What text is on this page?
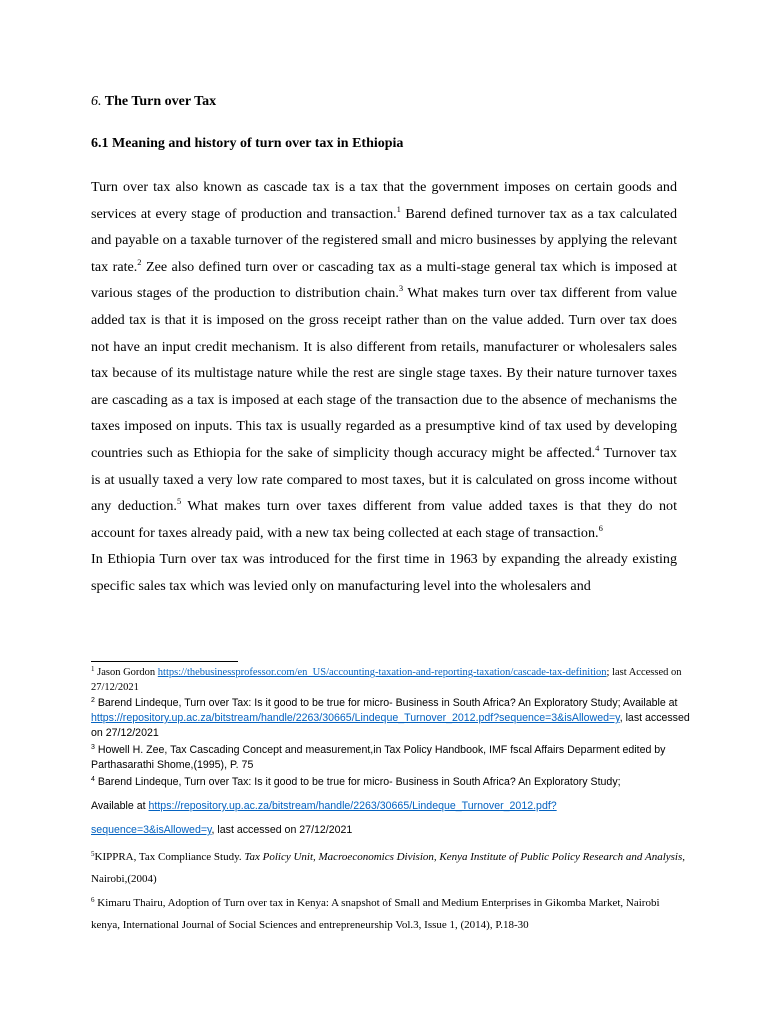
6. The Turn over Tax
6.1 Meaning and history of turn over tax in Ethiopia

Turn over tax also known as cascade tax is a tax that the government imposes on certain goods and services at every stage of production and transaction.$^1$ Barend defined turnover tax as a tax calculated and payable on a taxable turnover of the registered small and micro businesses by applying the relevant tax rate.$^2$ Zee also defined turn over or cascading tax as a multi-stage general tax which is imposed at various stages of the production to distribution chain.$^3$ What makes turn over tax different from value added tax is that it is imposed on the gross receipt rather than on the value added. Turn over tax does not have an input credit mechanism. It is also different from retails, manufacturer or wholesalers sales tax because of its multistage nature while the rest are single stage taxes. By their nature turnover taxes are cascading as a tax is imposed at each stage of the transaction due to the absence of mechanisms the taxes imposed on inputs. This tax is usually regarded as a presumptive kind of tax used by developing countries such as Ethiopia for the sake of simplicity though accuracy might be affected.$^4$ Turnover tax is at usually taxed a very low rate compared to most taxes, but it is calculated on gross income without any deduction.$^5$ What makes turn over taxes different from value added taxes is that they do not account for taxes already paid, with a new tax being collected at each stage of transaction.$^6$

In Ethiopia Turn over tax was introduced for the first time in 1963 by expanding the already existing specific sales tax which was levied only on manufacturing level into the wholesalers and

$^1$ Jason Gordon https://thebusinessprofessor.com/en_US/accounting-taxation-and-reporting-taxation/cascade-tax-definition; last Accessed on 27/12/2021
$^2$ Barend Lindeque, Turn over Tax: Is it good to be true for micro- Business in South Africa? An Exploratory Study; Available at https://repository.up.ac.za/bitstream/handle/2263/30665/Lindeque_Turnover_2012.pdf?sequence=3&isAllowed=y, last accessed on 27/12/2021
$^3$ Howell H. Zee, Tax Cascading Concept and measurement,in Tax Policy Handbook, IMF fscal Affairs Deparment edited by Parthasarathi Shome,(1995), P. 75
$^4$ Barend Lindeque, Turn over Tax: Is it good to be true for micro- Business in South Africa? An Exploratory Study;
Available at https://repository.up.ac.za/bitstream/handle/2263/30665/Lindeque_Turnover_2012.pdf?
sequence=3&isAllowed=y, last accessed on 27/12/2021
$^5$KIPPRA, Tax Compliance Study. Tax Policy Unit, Macroeconomics Division, Kenya Institute of Public Policy Research and Analysis, Nairobi,(2004)
$^6$ Kimaru Thairu, Adoption of Turn over tax in Kenya: A snapshot of Small and Medium Enterprises in Gikomba Market, Nairobi kenya, International Journal of Social Sciences and entrepreneurship Vol.3, Issue 1, (2014), P.18-30
